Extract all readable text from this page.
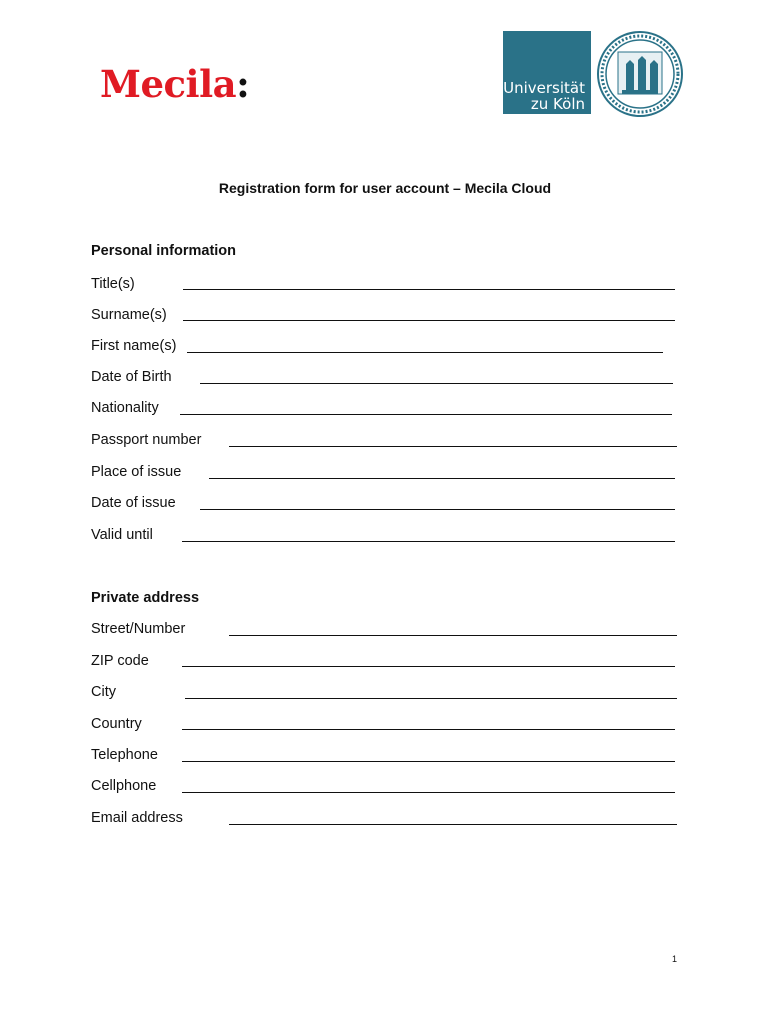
Mecila:	Universität
zu Köln
Registration form for user account – Mecila Cloud
Personal information
Title(s)
Surname(s)
First name(s)
Date of Birth
Nationality
Passport number
Place of issue
Date of issue
Valid until
Private address
Street/Number
ZIP code
City
Country
Telephone
Cellphone
Email address
1
